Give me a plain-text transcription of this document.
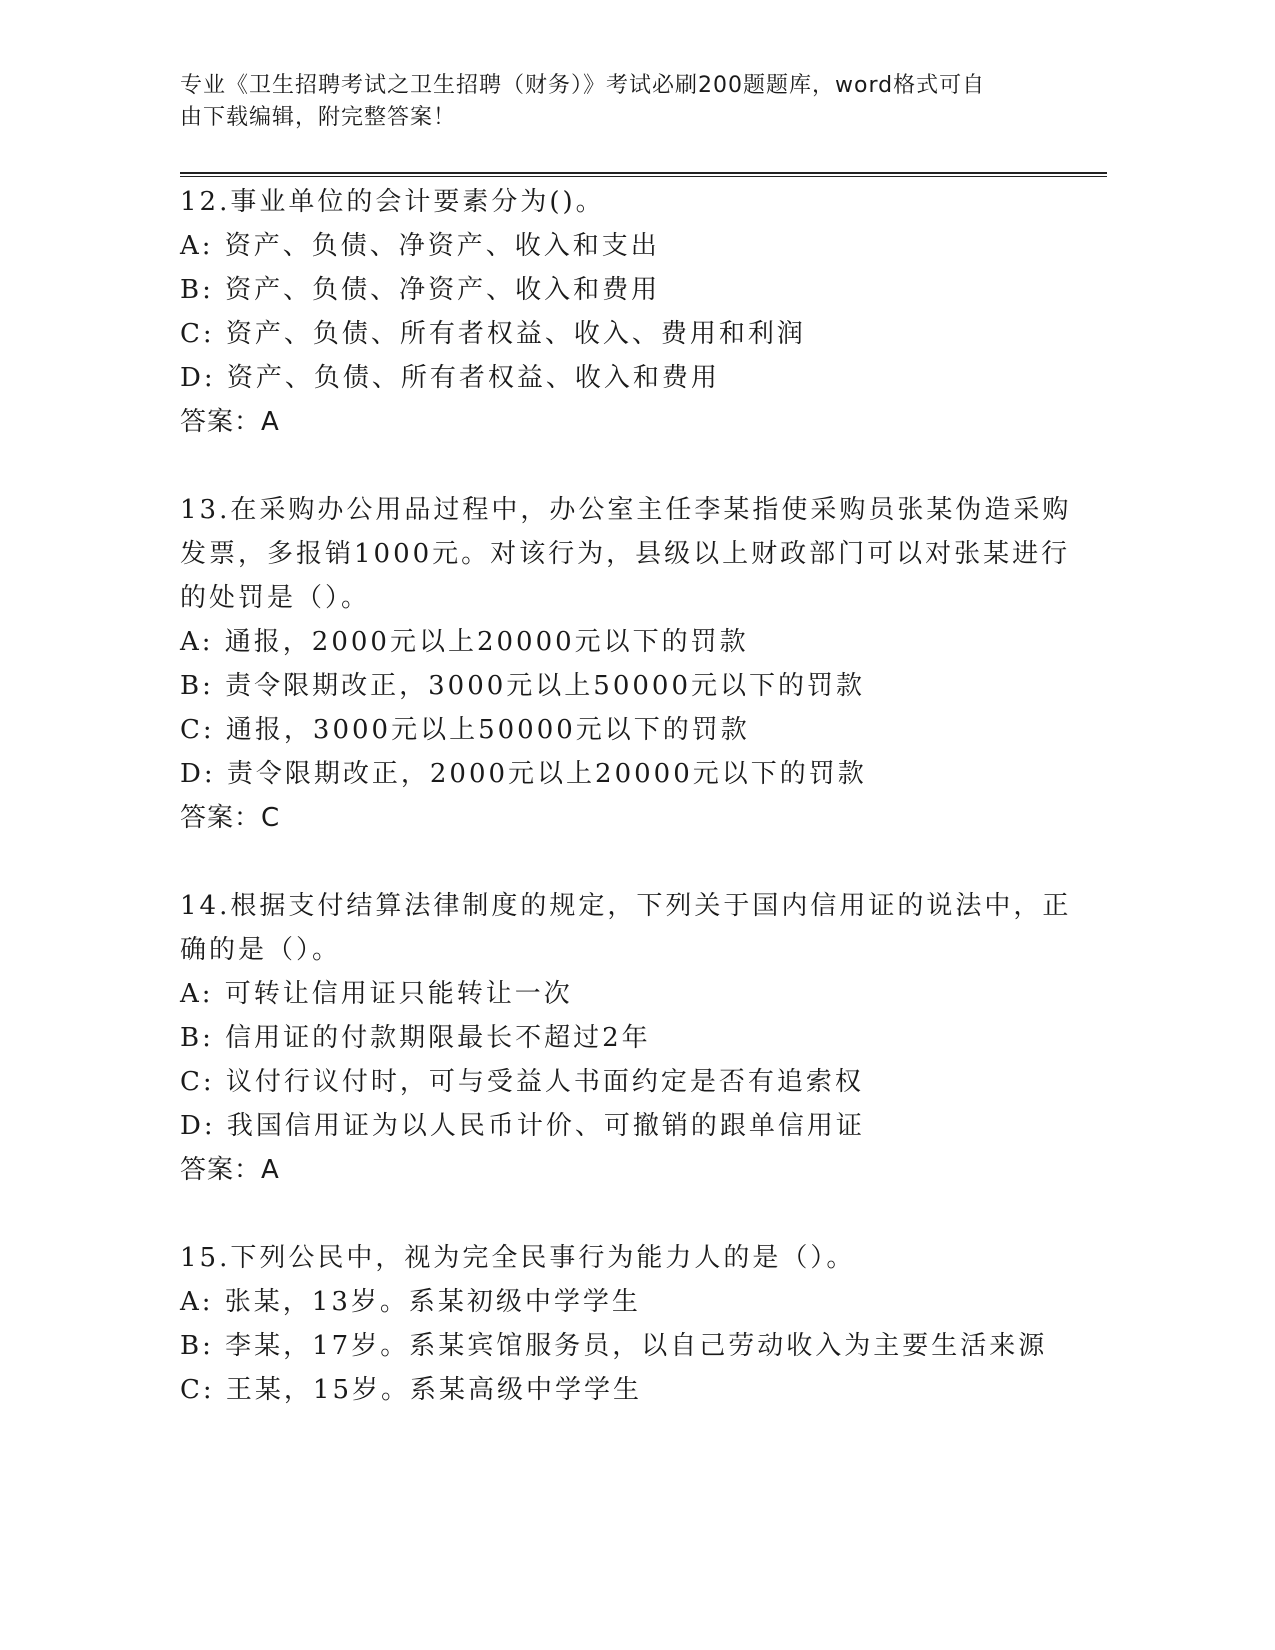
专业《卫生招聘考试之卫生招聘（财务）》考试必刷200题题库，word格式可自
由下载编辑，附完整答案！
12.事业单位的会计要素分为()。
A: 资产、负债、净资产、收入和支出
B: 资产、负债、净资产、收入和费用
C: 资产、负债、所有者权益、收入、费用和利润
D: 资产、负债、所有者权益、收入和费用
答案：A
13.在采购办公用品过程中，办公室主任李某指使采购员张某伪造采购
发票，多报销1000元。对该行为，县级以上财政部门可以对张某进行
的处罚是（）。
A: 通报，2000元以上20000元以下的罚款
B: 责令限期改正，3000元以上50000元以下的罚款
C: 通报，3000元以上50000元以下的罚款
D: 责令限期改正，2000元以上20000元以下的罚款
答案：C
14.根据支付结算法律制度的规定，下列关于国内信用证的说法中，正
确的是（）。
A: 可转让信用证只能转让一次
B: 信用证的付款期限最长不超过2年
C: 议付行议付时，可与受益人书面约定是否有追索权
D: 我国信用证为以人民币计价、可撤销的跟单信用证
答案：A
15.下列公民中，视为完全民事行为能力人的是（）。
A: 张某，13岁。系某初级中学学生
B: 李某，17岁。系某宾馆服务员，以自己劳动收入为主要生活来源
C: 王某，15岁。系某高级中学学生
